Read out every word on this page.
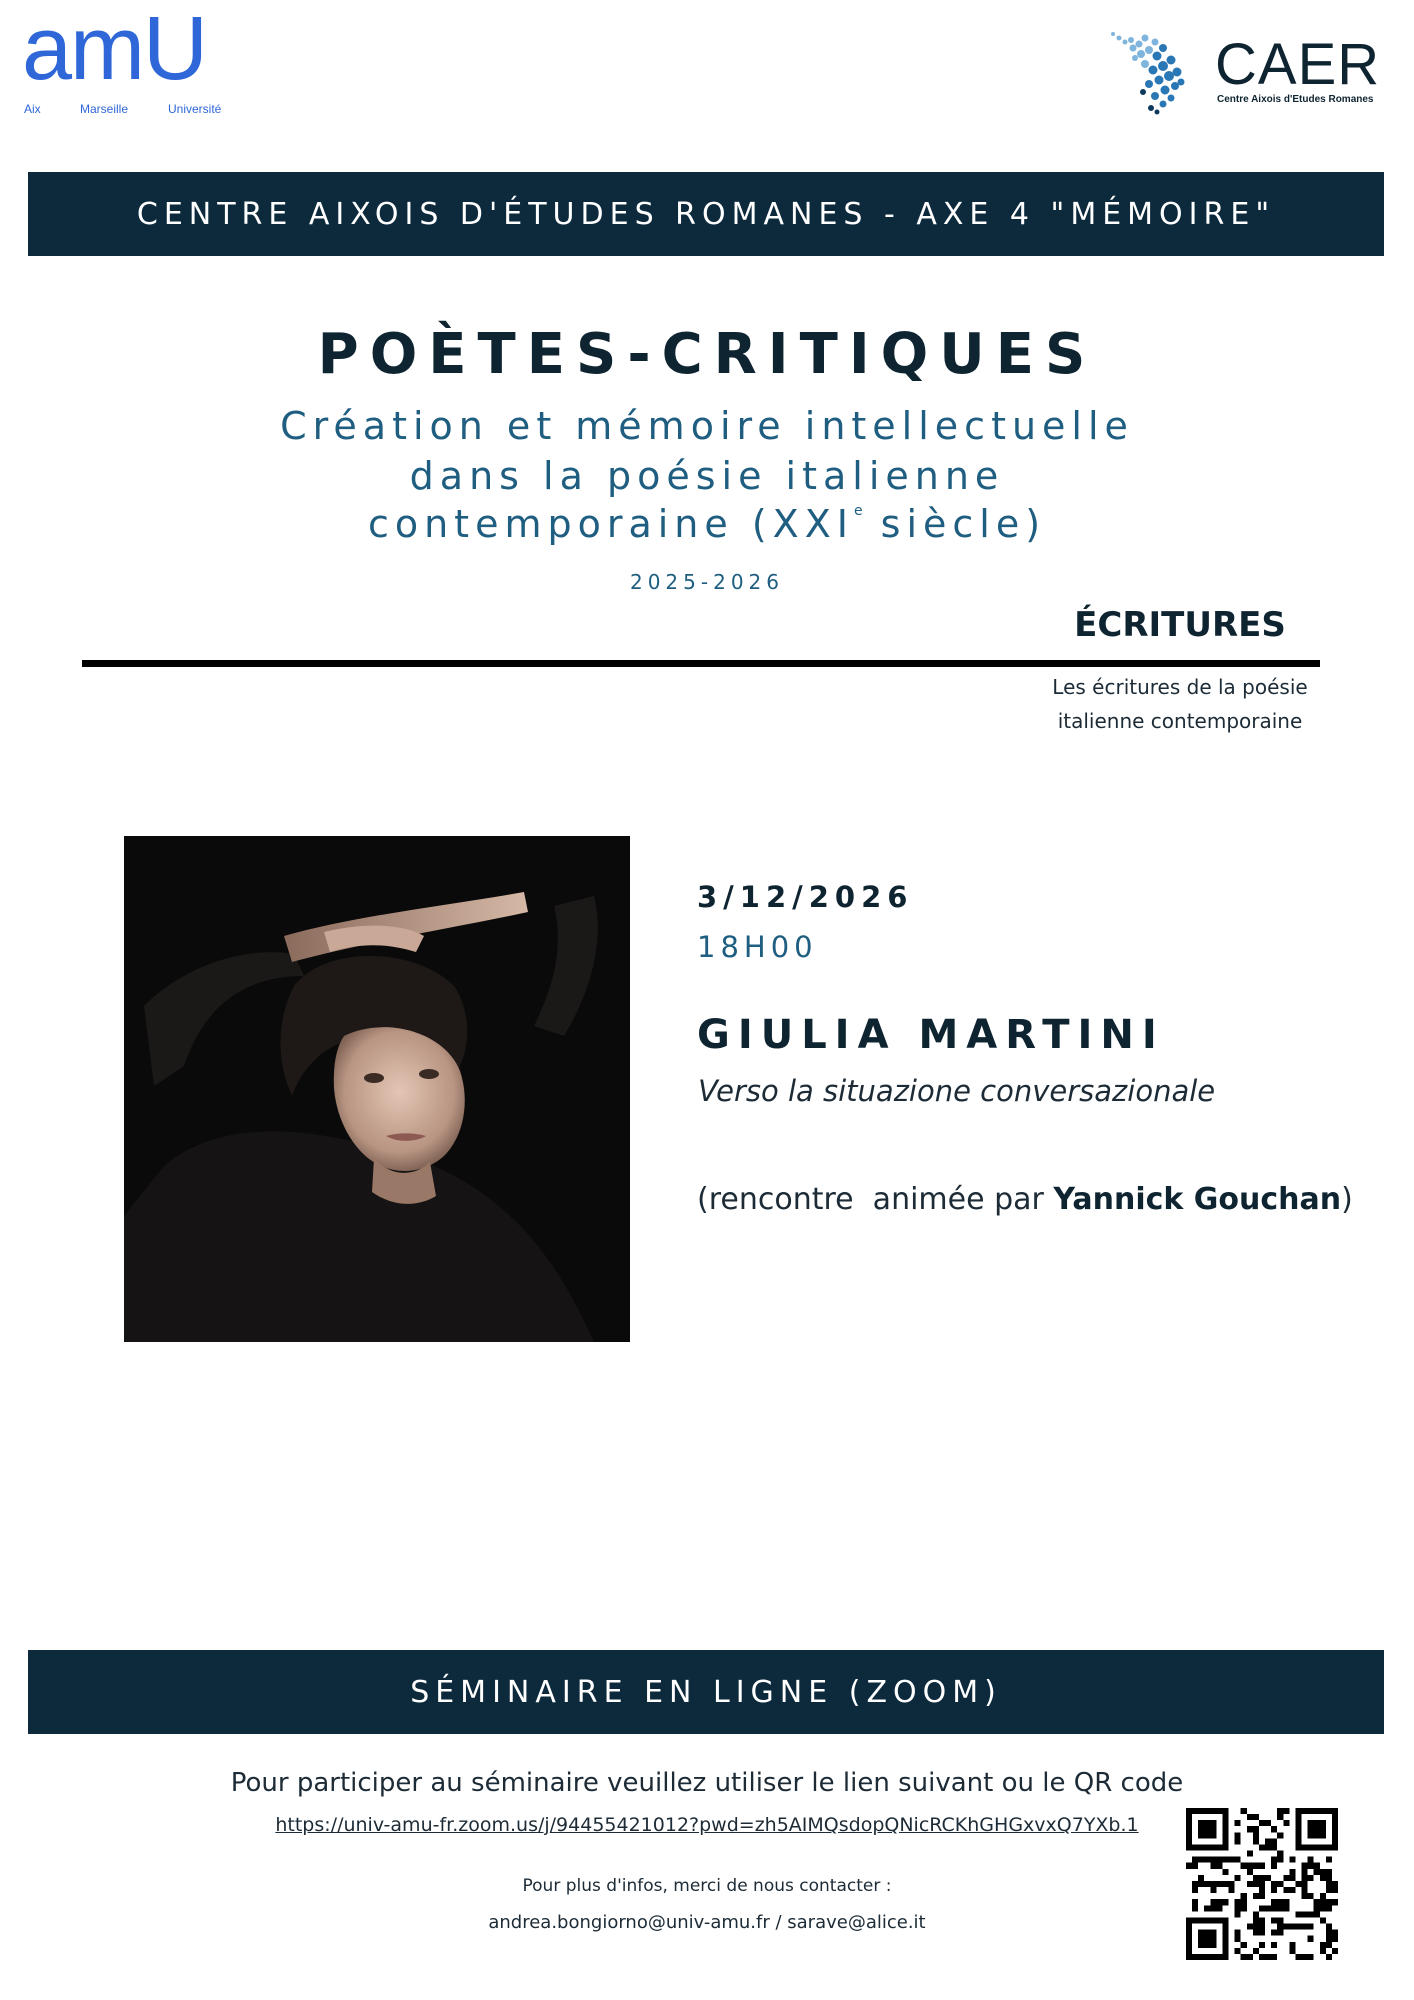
amU
Aix	Marseille	Université
CAER
Centre Aixois d'Etudes Romanes
CENTRE AIXOIS D'ÉTUDES ROMANES - AXE 4 "MÉMOIRE"
POÈTES-CRITIQUES
Création et mémoire intellectuelle
dans la poésie italienne
contemporaine (XXIe siècle)
2025-2026
ÉCRITURES
Les écritures de la poésie
italienne contemporaine
3/12/2026
18H00
GIULIA MARTINI
Verso la situazione conversazionale
(rencontre  animée par Yannick Gouchan)
SÉMINAIRE EN LIGNE (ZOOM)
Pour participer au séminaire veuillez utiliser le lien suivant ou le QR code
https://univ-amu-fr.zoom.us/j/94455421012?pwd=zh5AIMQsdopQNicRCKhGHGxvxQ7YXb.1
Pour plus d'infos, merci de nous contacter :
andrea.bongiorno@univ-amu.fr / sarave@alice.it
